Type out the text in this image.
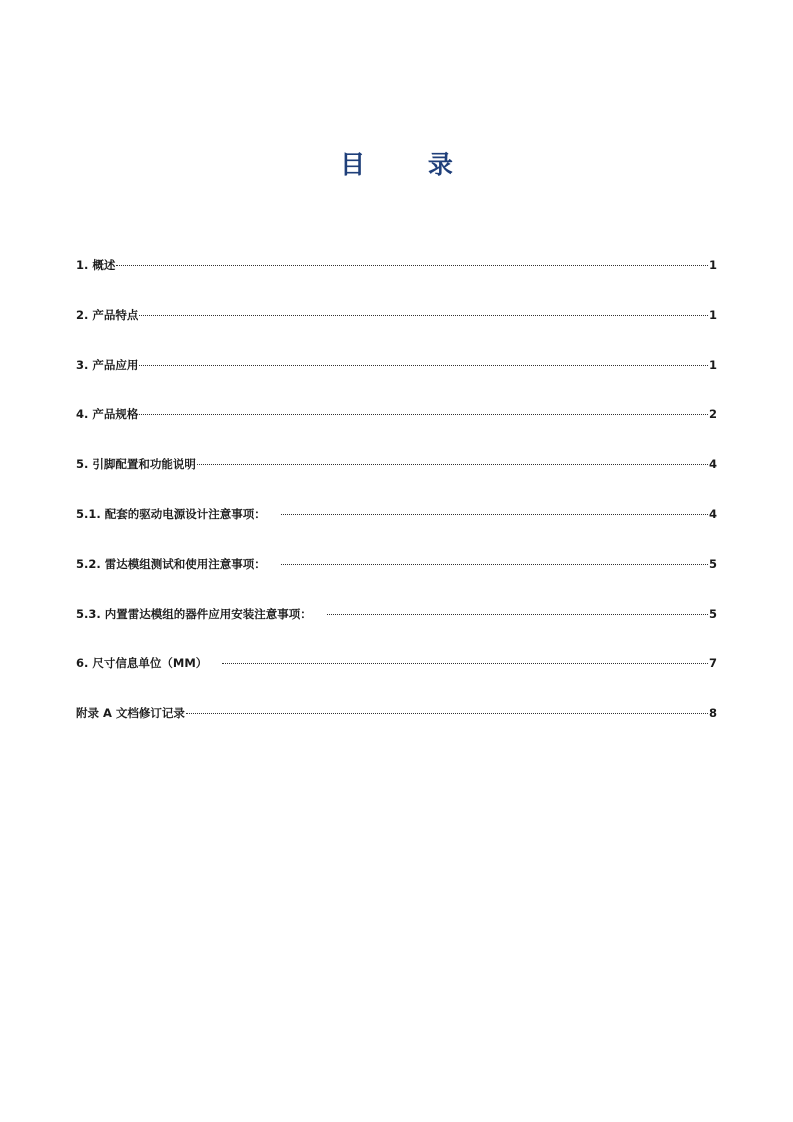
目 录
1. 概述	1
2. 产品特点	1
3. 产品应用	1
4. 产品规格	2
5. 引脚配置和功能说明	4
5.1. 配套的驱动电源设计注意事项：	4
5.2. 雷达模组测试和使用注意事项：	5
5.3. 内置雷达模组的器件应用安装注意事项：	5
6. 尺寸信息单位（MM）	7
附录 A 文档修订记录	8
